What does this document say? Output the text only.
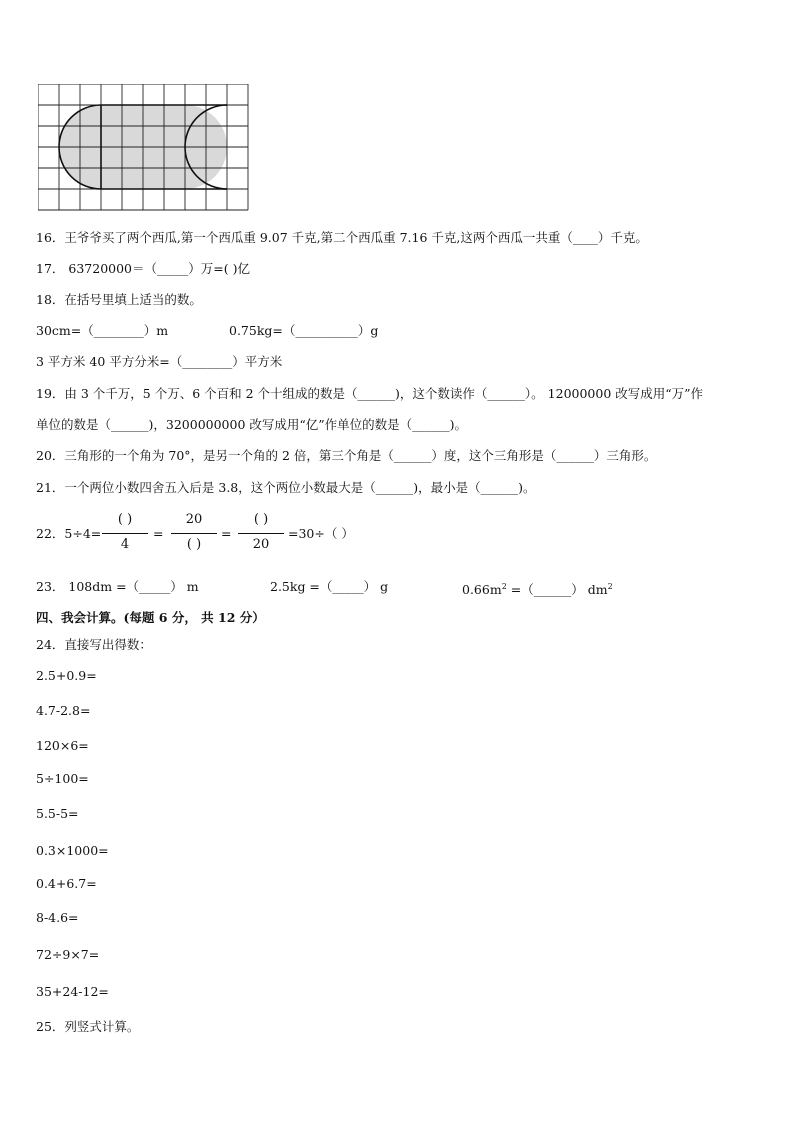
16．王爷爷买了两个西瓜,第一个西瓜重 9.07 千克,第二个西瓜重 7.16 千克,这两个西瓜一共重（____）千克。
17． 63720000＝（_____）万=( )亿
18．在括号里填上适当的数。
30cm=（________）m	0.75kg=（__________）g
3 平方米 40 平方分米=（________）平方米
19．由 3 个千万，5 个万、6 个百和 2 个十组成的数是（______)，这个数读作（______）。 12000000 改写成用“万”作
单位的数是（______)，3200000000 改写成用“亿”作单位的数是（______)。
20．三角形的一个角为 70°，是另一个角的 2 倍，第三个角是（______）度，这个三角形是（______）三角形。
21．一个两位小数四舍五入后是 3.8，这个两位小数最大是（______)，最小是（______)。
22．5÷4=
( )
4
=
20
( )
=
( )
20
=30÷（ ）
23． 108dm =（_____） m	2.5kg =（_____） g	$0.66m^2$ =（______） $dm^2$
四、我会计算。(每题 6 分， 共 12 分）
24．直接写出得数：
2.5+0.9=
4.7-2.8=
120×6=
5÷100=
5.5-5=
0.3×1000=
0.4+6.7=
8-4.6=
72÷9×7=
35+24-12=
25．列竖式计算。
